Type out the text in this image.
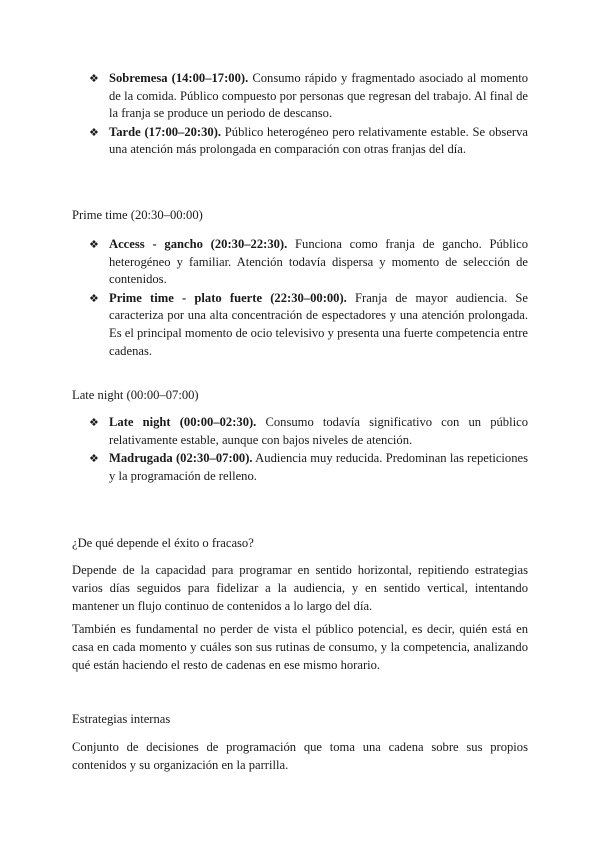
❖ Sobremesa (14:00–17:00). Consumo rápido y fragmentado asociado al momento de la comida. Público compuesto por personas que regresan del trabajo. Al final de la franja se produce un periodo de descanso.
❖ Tarde (17:00–20:30). Público heterogéneo pero relativamente estable. Se observa una atención más prolongada en comparación con otras franjas del día.
Prime time (20:30–00:00)
❖ Access - gancho (20:30–22:30). Funciona como franja de gancho. Público heterogéneo y familiar. Atención todavía dispersa y momento de selección de contenidos.
❖ Prime time - plato fuerte (22:30–00:00). Franja de mayor audiencia. Se caracteriza por una alta concentración de espectadores y una atención prolongada. Es el principal momento de ocio televisivo y presenta una fuerte competencia entre cadenas.
Late night (00:00–07:00)
❖ Late night (00:00–02:30). Consumo todavía significativo con un público relativamente estable, aunque con bajos niveles de atención.
❖ Madrugada (02:30–07:00). Audiencia muy reducida. Predominan las repeticiones y la programación de relleno.
¿De qué depende el éxito o fracaso?

Depende de la capacidad para programar en sentido horizontal, repitiendo estrategias varios días seguidos para fidelizar a la audiencia, y en sentido vertical, intentando mantener un flujo continuo de contenidos a lo largo del día.

También es fundamental no perder de vista el público potencial, es decir, quién está en casa en cada momento y cuáles son sus rutinas de consumo, y la competencia, analizando qué están haciendo el resto de cadenas en ese mismo horario.

Estrategias internas

Conjunto de decisiones de programación que toma una cadena sobre sus propios contenidos y su organización en la parrilla.
